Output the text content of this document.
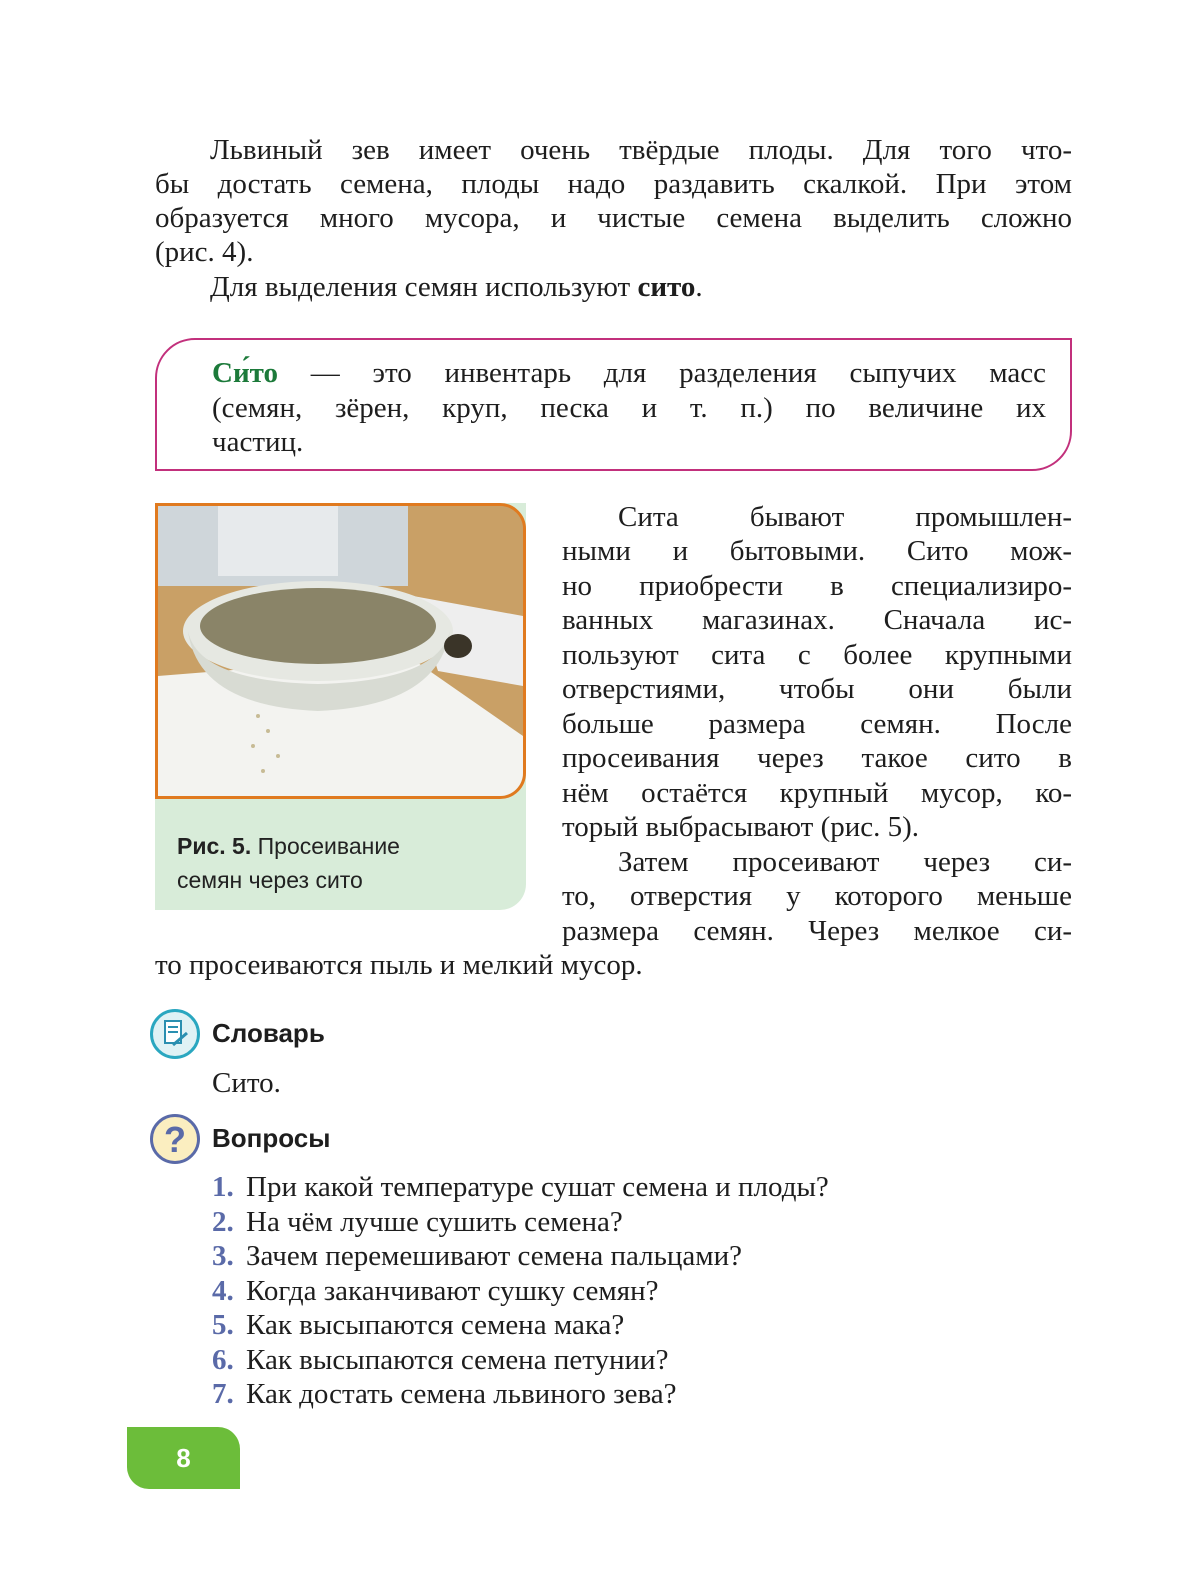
Львиный зев имеет очень твёрдые плоды. Для того что-
бы достать семена, плоды надо раздавить скалкой. При этом
образуется много мусора, и чистые семена выделить сложно
(рис. 4).
Для выделения семян используют сито.
Си́то — это инвентарь для разделения сыпучих масс
(семян, зёрен, круп, песка и т. п.) по величине их
частиц.
Рис. 5. Просеивание
семян через сито
Сита бывают промышлен-
ными и бытовыми. Сито мож-
но приобрести в специализиро-
ванных магазинах. Сначала ис-
пользуют сита с более крупными
отверстиями, чтобы они были
больше размера семян. После
просеивания через такое сито в
нём остаётся крупный мусор, ко-
торый выбрасывают (рис. 5).
Затем просеивают через си-
то, отверстия у которого меньше
размера семян. Через мелкое си-
то просеиваются пыль и мелкий мусор.
Словарь
Сито.
?	Вопросы
1. При какой температуре сушат семена и плоды?
2. На чём лучше сушить семена?
3. Зачем перемешивают семена пальцами?
4. Когда заканчивают сушку семян?
5. Как высыпаются семена мака?
6. Как высыпаются семена петунии?
7. Как достать семена львиного зева?
8
